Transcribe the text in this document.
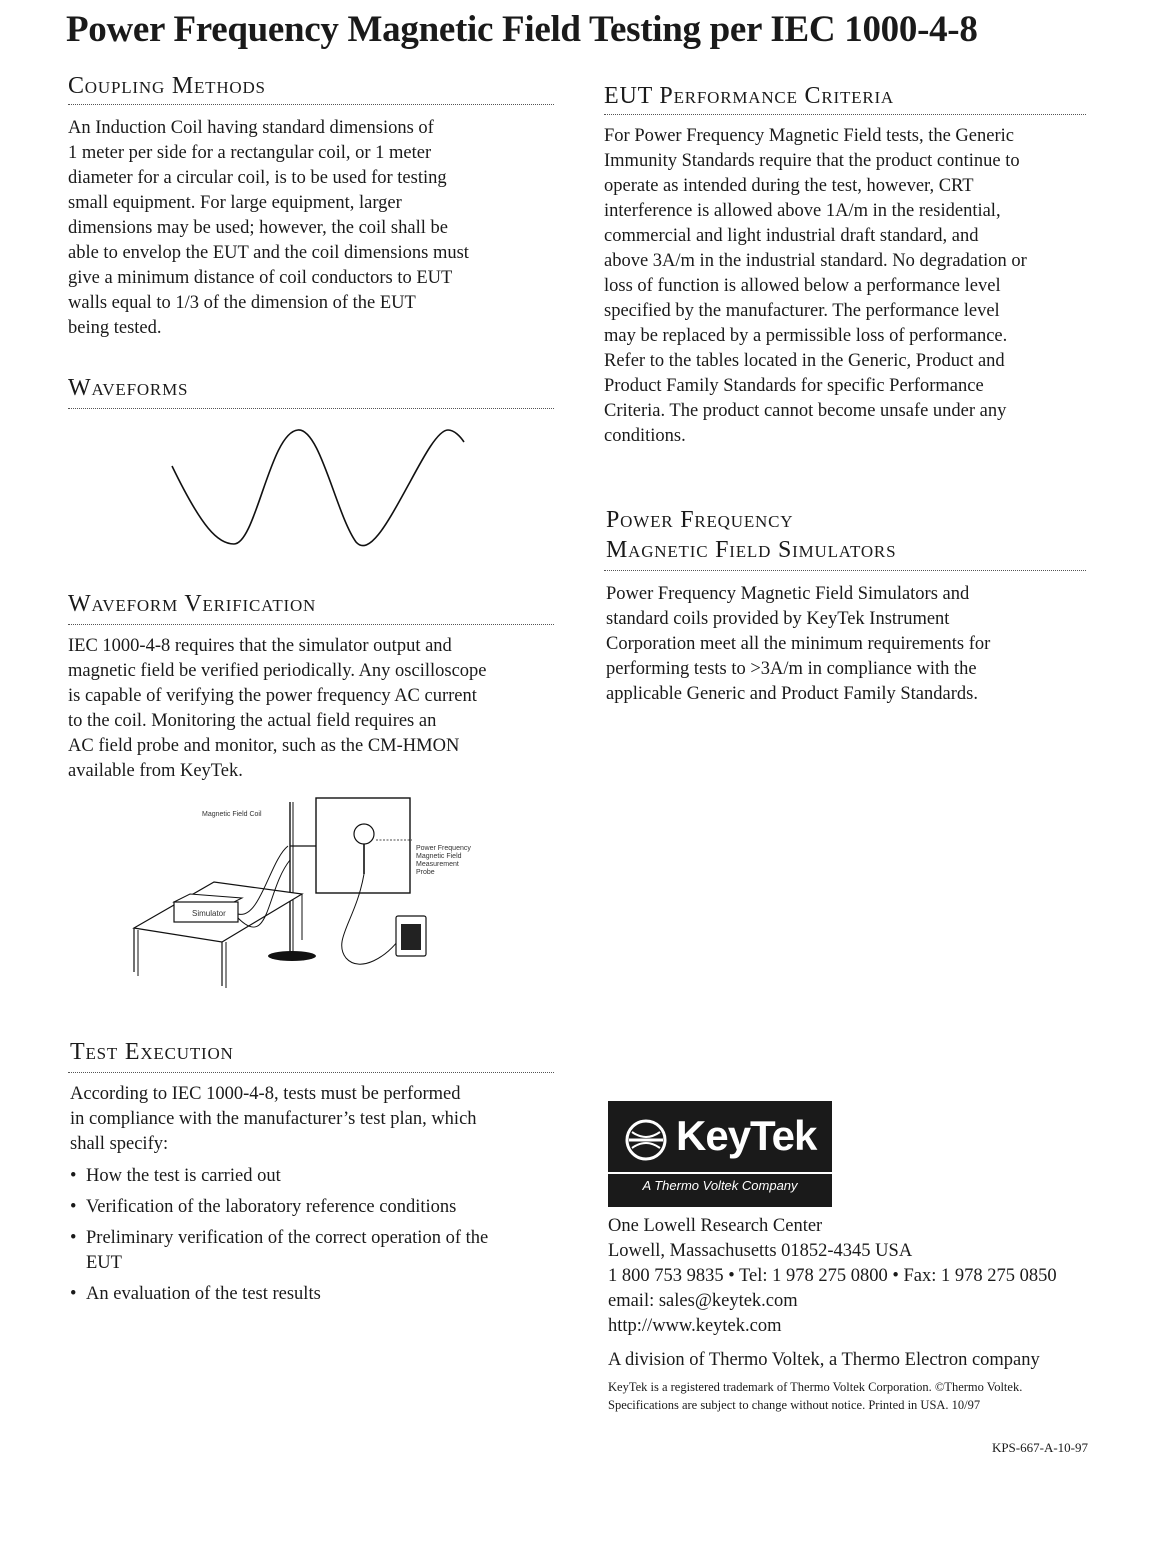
Power Frequency Magnetic Field Testing per IEC 1000-4-8
Coupling Methods

An Induction Coil having standard dimensions of
1 meter per side for a rectangular coil, or 1 meter
diameter for a circular coil, is to be used for testing
small equipment. For large equipment, larger
dimensions may be used; however, the coil shall be
able to envelop the EUT and the coil dimensions must
give a minimum distance of coil conductors to EUT
walls equal to 1/3 of the dimension of the EUT
being tested.

Waveforms
Waveform Verification

IEC 1000-4-8 requires that the simulator output and
magnetic field be verified periodically. Any oscilloscope
is capable of verifying the power frequency AC current
to the coil. Monitoring the actual field requires an
AC field probe and monitor, such as the CM-HMON
available from KeyTek.

Simulator
Magnetic Field Coil
Power Frequency
Magnetic Field
Measurement
Probe
Test Execution

According to IEC 1000-4-8, tests must be performed
in compliance with the manufacturer’s test plan, which
shall specify:

• How the test is carried out
• Verification of the laboratory reference conditions
• Preliminary verification of the correct operation of the EUT
• An evaluation of the test results
EUT Performance Criteria

For Power Frequency Magnetic Field tests, the Generic
Immunity Standards require that the product continue to
operate as intended during the test, however, CRT
interference is allowed above 1A/m in the residential,
commercial and light industrial draft standard, and
above 3A/m in the industrial standard. No degradation or
loss of function is allowed below a performance level
specified by the manufacturer. The performance level
may be replaced by a permissible loss of performance.
Refer to the tables located in the Generic, Product and
Product Family Standards for specific Performance
Criteria. The product cannot become unsafe under any
conditions.

Power Frequency
Magnetic Field Simulators

Power Frequency Magnetic Field Simulators and
standard coils provided by KeyTek Instrument
Corporation meet all the minimum requirements for
performing tests to >3A/m in compliance with the
applicable Generic and Product Family Standards.

KeyTek
A Thermo Voltek Company

One Lowell Research Center

Lowell, Massachusetts 01852-4345 USA

1 800 753 9835 • Tel: 1 978 275 0800 • Fax: 1 978 275 0850

email: sales@keytek.com

http://www.keytek.com

A division of Thermo Voltek, a Thermo Electron company

KeyTek is a registered trademark of Thermo Voltek Corporation. ©Thermo Voltek.

Specifications are subject to change without notice. Printed in USA. 10/97

KPS-667-A-10-97
